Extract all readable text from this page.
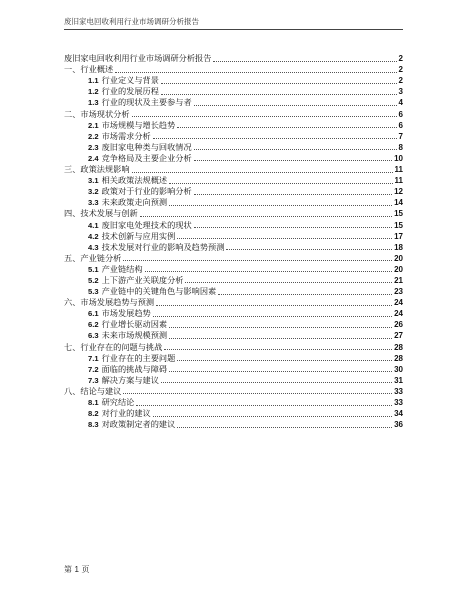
废旧家电回收利用行业市场调研分析报告
废旧家电回收利用行业市场调研分析报告	2
一、行业概述	2
1.1 行业定义与背景	2
1.2 行业的发展历程	3
1.3 行业的现状及主要参与者	4
二、市场现状分析	6
2.1 市场规模与增长趋势	6
2.2 市场需求分析	7
2.3 废旧家电种类与回收情况	8
2.4 竞争格局及主要企业分析	10
三、政策法规影响	11
3.1 相关政策法规概述	11
3.2 政策对于行业的影响分析	12
3.3 未来政策走向预测	14
四、技术发展与创新	15
4.1 废旧家电处理技术的现状	15
4.2 技术创新与应用实例	17
4.3 技术发展对行业的影响及趋势预测	18
五、产业链分析	20
5.1 产业链结构	20
5.2 上下游产业关联度分析	21
5.3 产业链中的关键角色与影响因素	23
六、市场发展趋势与预测	24
6.1 市场发展趋势	24
6.2 行业增长驱动因素	26
6.3 未来市场规模预测	27
七、行业存在的问题与挑战	28
7.1 行业存在的主要问题	28
7.2 面临的挑战与障碍	30
7.3 解决方案与建议	31
八、结论与建议	33
8.1 研究结论	33
8.2 对行业的建议	34
8.3 对政策制定者的建议	36
第 1 页
